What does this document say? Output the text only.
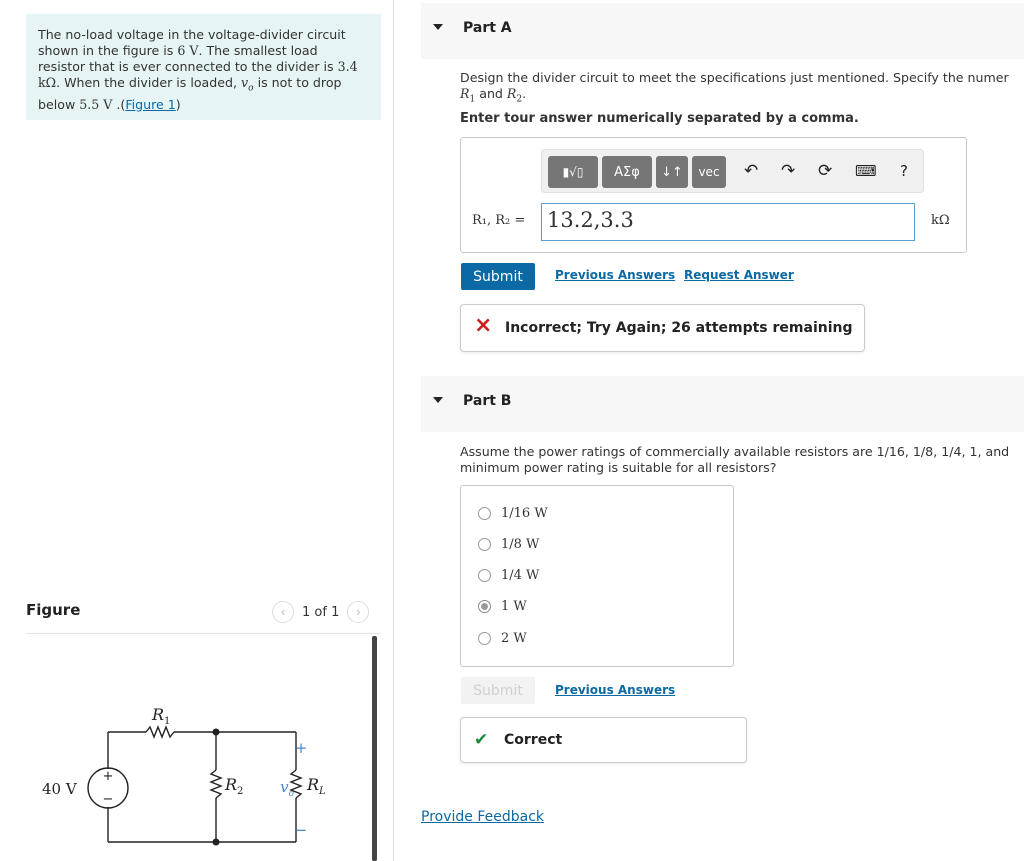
The no-load voltage in the voltage-divider circuit
shown in the figure is 6 V. The smallest load
resistor that is ever connected to the divider is 3.4
kΩ. When the divider is loaded, $v_o$ is not to drop
below 5.5 V .(Figure 1)
Figure	‹	1 of 1	›
+
−
40 V
$R_1$
$R_2$	$R_L$
+
$v_o$
−
Part A
Design the divider circuit to meet the specifications just mentioned. Specify the numer
$R_1$ and $R_2$.
Enter tour answer numerically separated by a comma.
▮√▯	ΑΣφ	↓↑	vec	↶ ↷ ⟳ ⌨ ?
R₁, R₂ = 13.2,3.3	kΩ
Submit	Previous Answers Request Answer
× Incorrect; Try Again; 26 attempts remaining
Part B
Assume the power ratings of commercially available resistors are 1/16, 1/8, 1/4, 1, and
minimum power rating is suitable for all resistors?
1/16 W
1/8 W
1/4 W
1 W
2 W
Submit	Previous Answers
✔ Correct
Provide Feedback
